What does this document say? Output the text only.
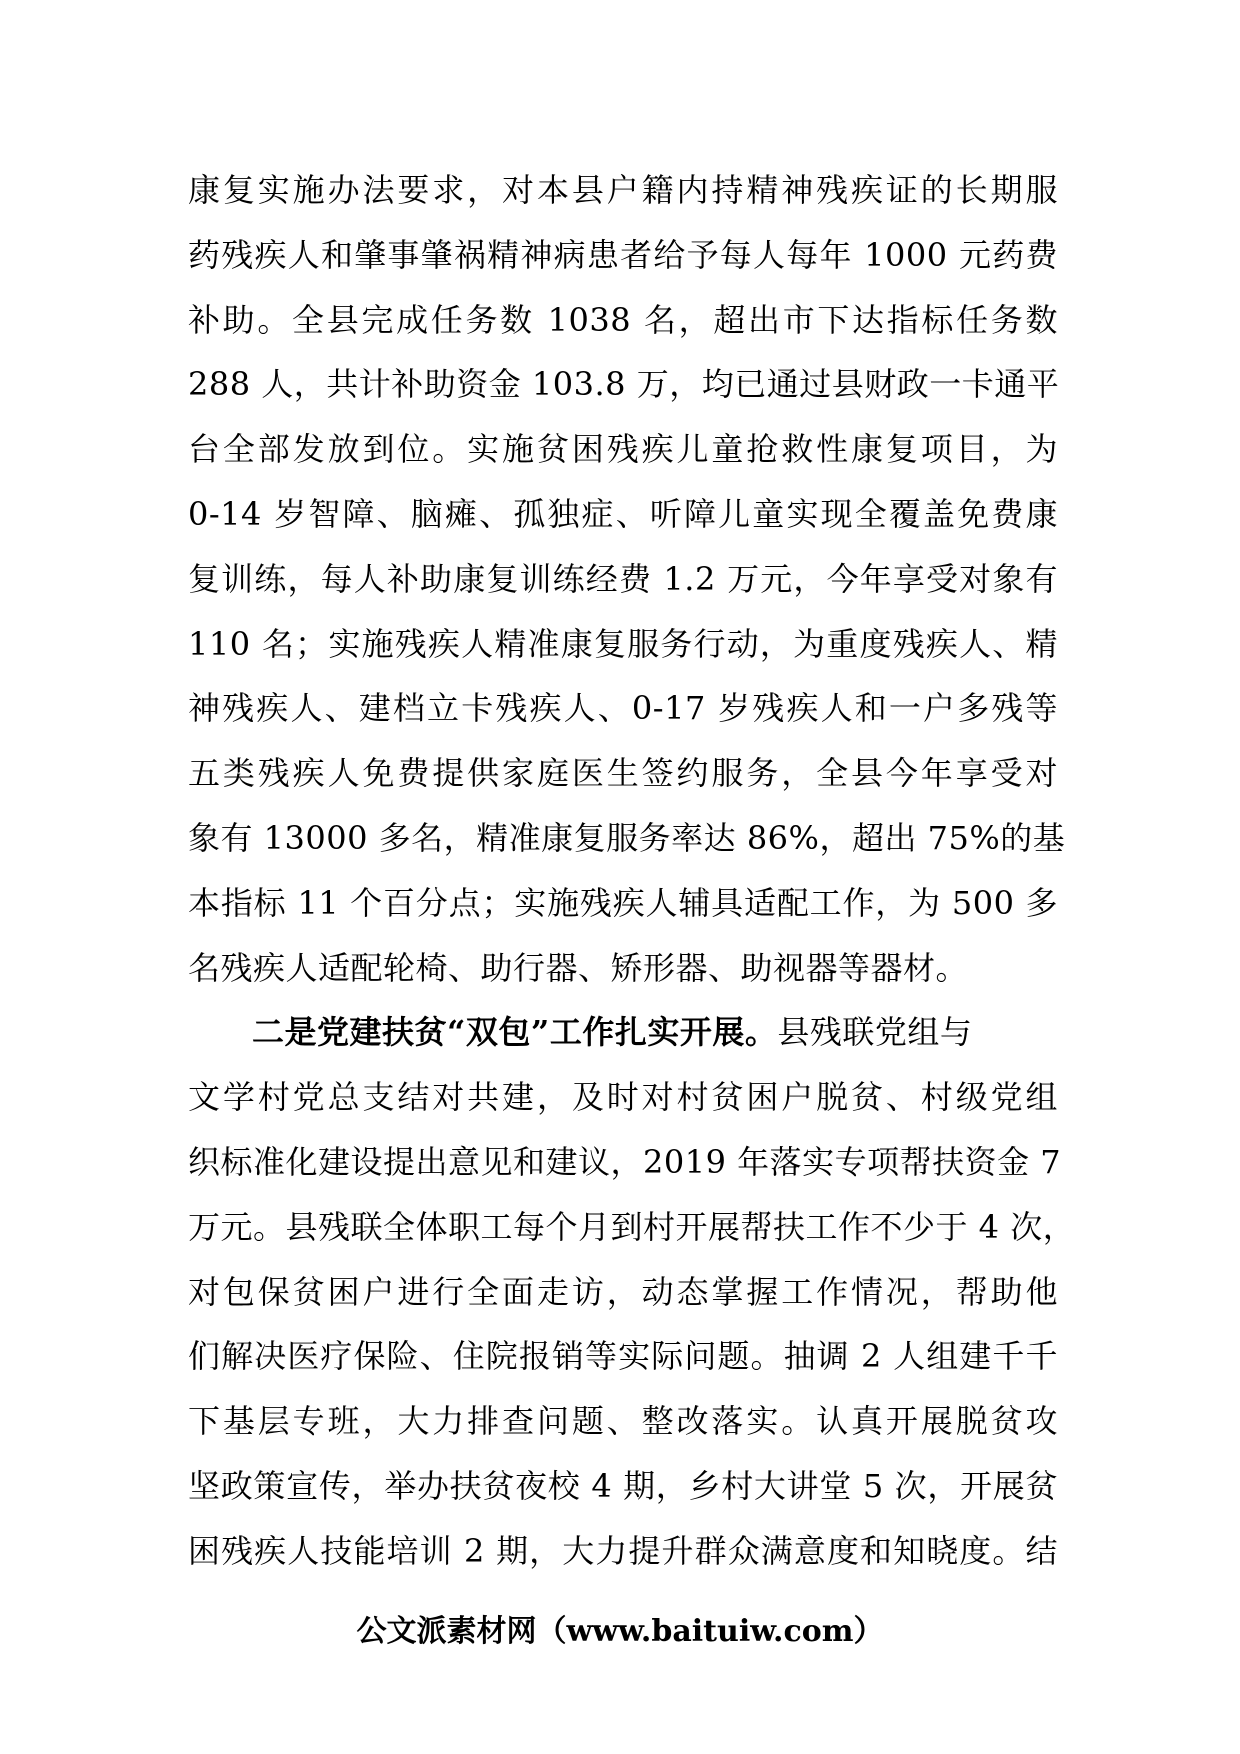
康复实施办法要求，对本县户籍内持精神残疾证的长期服
药残疾人和肇事肇祸精神病患者给予每人每年 1000 元药费
补助。全县完成任务数 1038 名，超出市下达指标任务数
288 人，共计补助资金 103.8 万，均已通过县财政一卡通平
台全部发放到位。实施贫困残疾儿童抢救性康复项目，为
0-14 岁智障、脑瘫、孤独症、听障儿童实现全覆盖免费康
复训练，每人补助康复训练经费 1.2 万元，今年享受对象有
110 名；实施残疾人精准康复服务行动，为重度残疾人、精
神残疾人、建档立卡残疾人、0-17 岁残疾人和一户多残等
五类残疾人免费提供家庭医生签约服务，全县今年享受对
象有 13000 多名，精准康复服务率达 86%，超出 75%的基
本指标 11 个百分点；实施残疾人辅具适配工作，为 500 多
名残疾人适配轮椅、助行器、矫形器、助视器等器材。
二是党建扶贫“双包”工作扎实开展。县残联党组与
文学村党总支结对共建，及时对村贫困户脱贫、村级党组
织标准化建设提出意见和建议，2019 年落实专项帮扶资金 7
万元。县残联全体职工每个月到村开展帮扶工作不少于 4 次，
对包保贫困户进行全面走访，动态掌握工作情况，帮助他
们解决医疗保险、住院报销等实际问题。抽调 2 人组建千千
下基层专班，大力排查问题、整改落实。认真开展脱贫攻
坚政策宣传，举办扶贫夜校 4 期，乡村大讲堂 5 次，开展贫
困残疾人技能培训 2 期，大力提升群众满意度和知晓度。结
公文派素材网（www.baituiw.com）
